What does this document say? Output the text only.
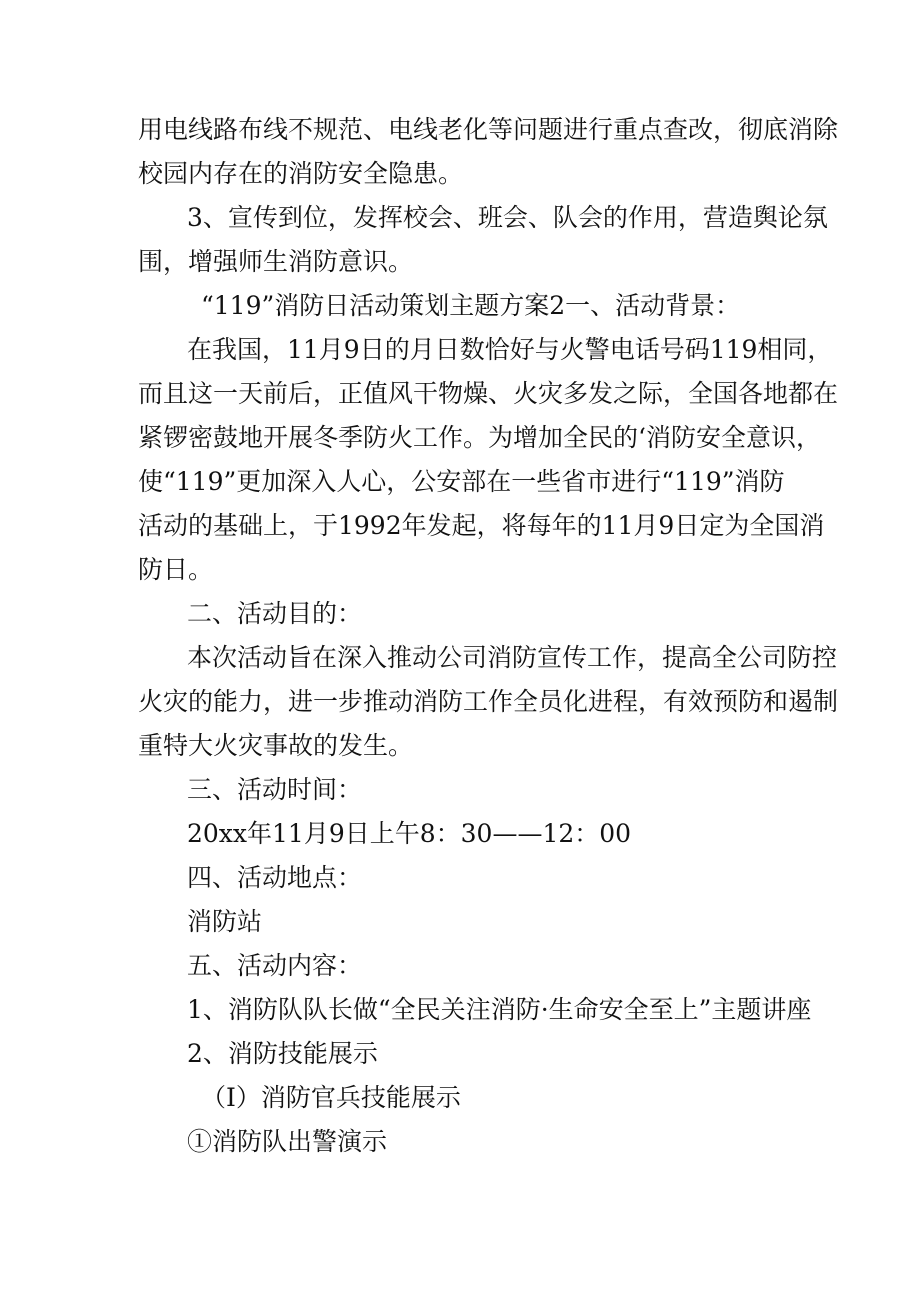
用电线路布线不规范、电线老化等问题进行重点查改，彻底消除
校园内存在的消防安全隐患。
3、宣传到位，发挥校会、班会、队会的作用，营造舆论氛
围，增强师生消防意识。
“119”消防日活动策划主题方案2一、活动背景：
在我国，11月9日的月日数恰好与火警电话号码119相同，
而且这一天前后，正值风干物燥、火灾多发之际，全国各地都在
紧锣密鼓地开展冬季防火工作。为增加全民的‘消防安全意识，
使“119”更加深入人心，公安部在一些省市进行“119”消防
活动的基础上，于1992年发起，将每年的11月9日定为全国消
防日。
二、活动目的：
本次活动旨在深入推动公司消防宣传工作，提高全公司防控
火灾的能力，进一步推动消防工作全员化进程，有效预防和遏制
重特大火灾事故的发生。
三、活动时间：
20xx年11月9日上午8：30——12：00
四、活动地点：
消防站
五、活动内容：
1、消防队队长做“全民关注消防·生命安全至上”主题讲座
2、消防技能展示
（I）消防官兵技能展示
①消防队出警演示
